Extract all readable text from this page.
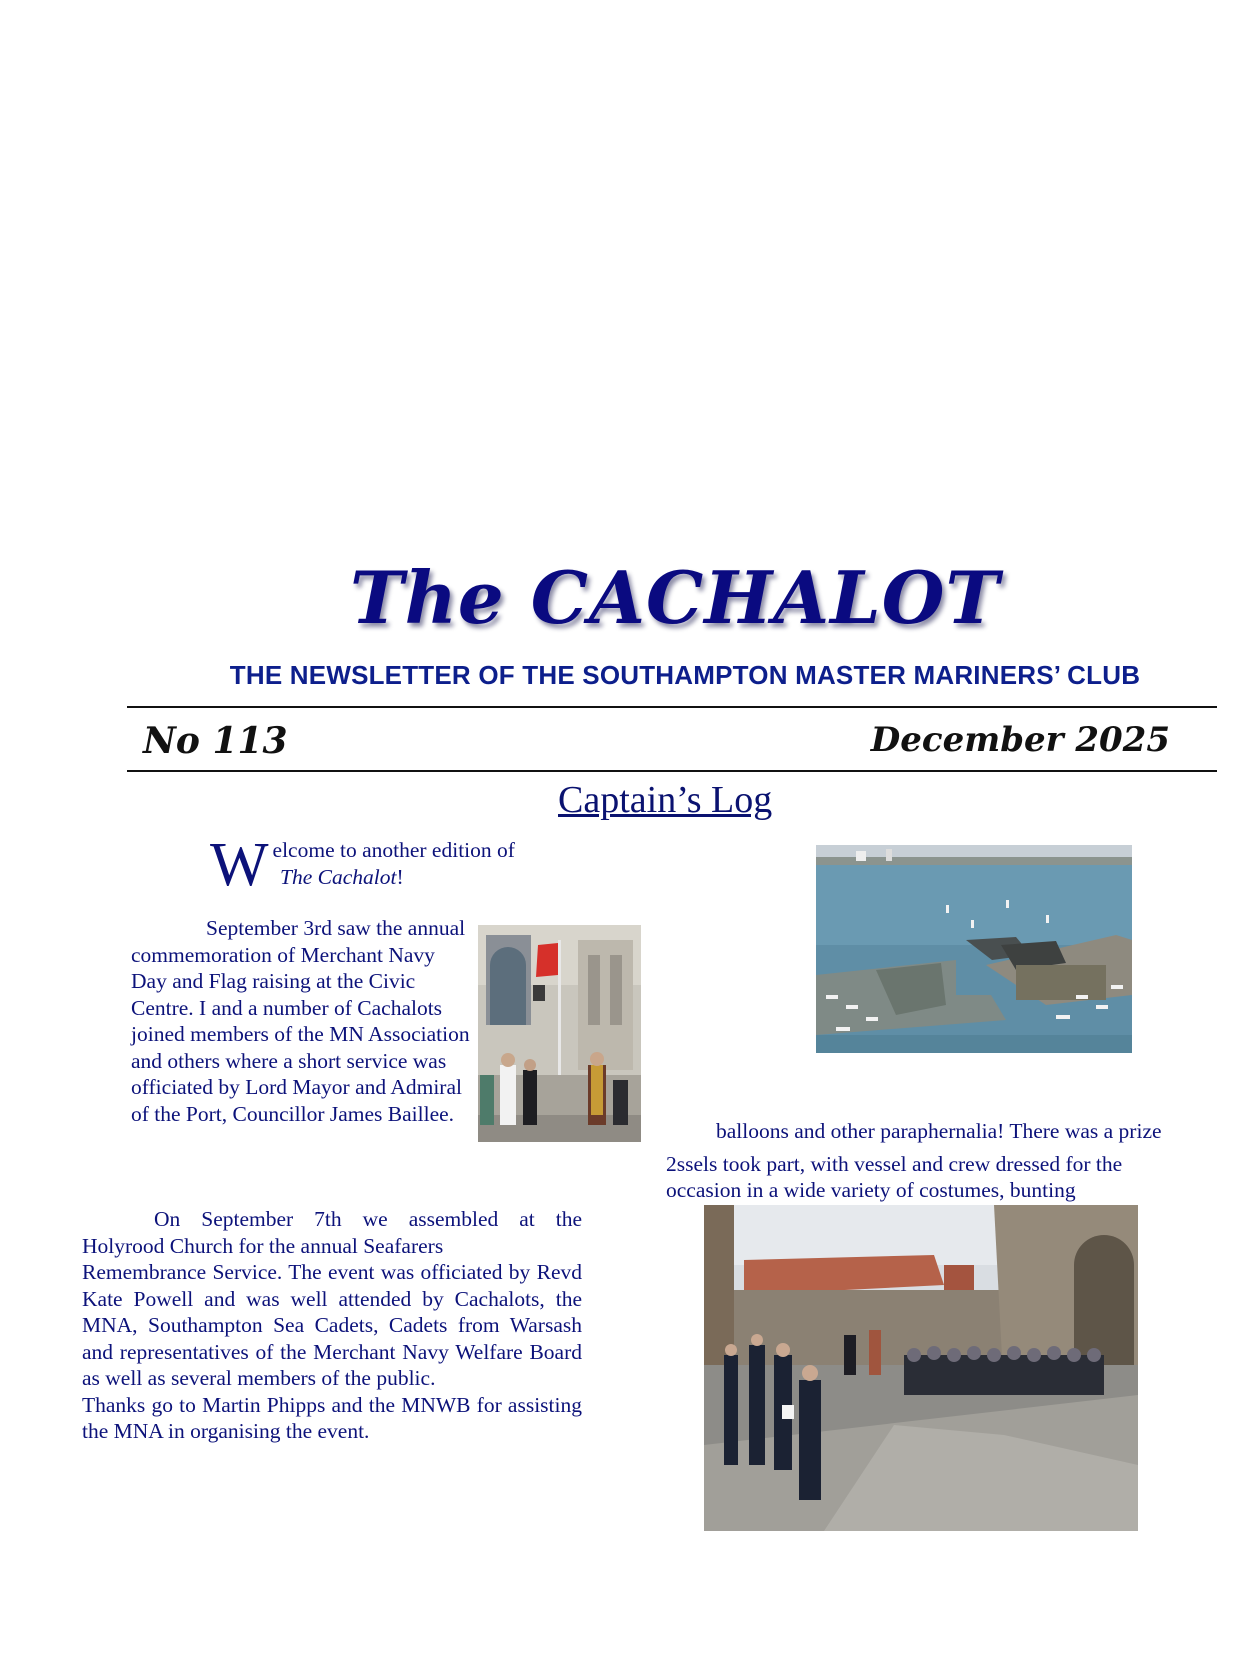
The CACHALOT
THE NEWSLETTER OF THE SOUTHAMPTON MASTER MARINERS’ CLUB
No 113	December 2025
Captain’s Log
W elcome to another edition of
The Cachalot!
September 3rd saw the annual commemoration of Merchant Navy Day and Flag raising at the Civic Centre. I and a number of Cachalots joined members of the MN Association and others where a short service was officiated by Lord Mayor and Admiral of the Port, Councillor James Baillee.

On September 7th we assembled at the

Holyrood Church for the annual Seafarers

Remembrance Service. The event was officiated by Revd Kate Powell and was well attended by Cachalots, the MNA, Southampton Sea Cadets, Cadets from Warsash and representatives of the Merchant Navy Welfare Board as well as several members of the public.

Thanks go to Martin Phipps and the MNWB for assisting the MNA in organising the event.

balloons and other paraphernalia! There was a prize
2ssels took part, with vessel and crew dressed for the
occasion in a wide variety of costumes, bunting
